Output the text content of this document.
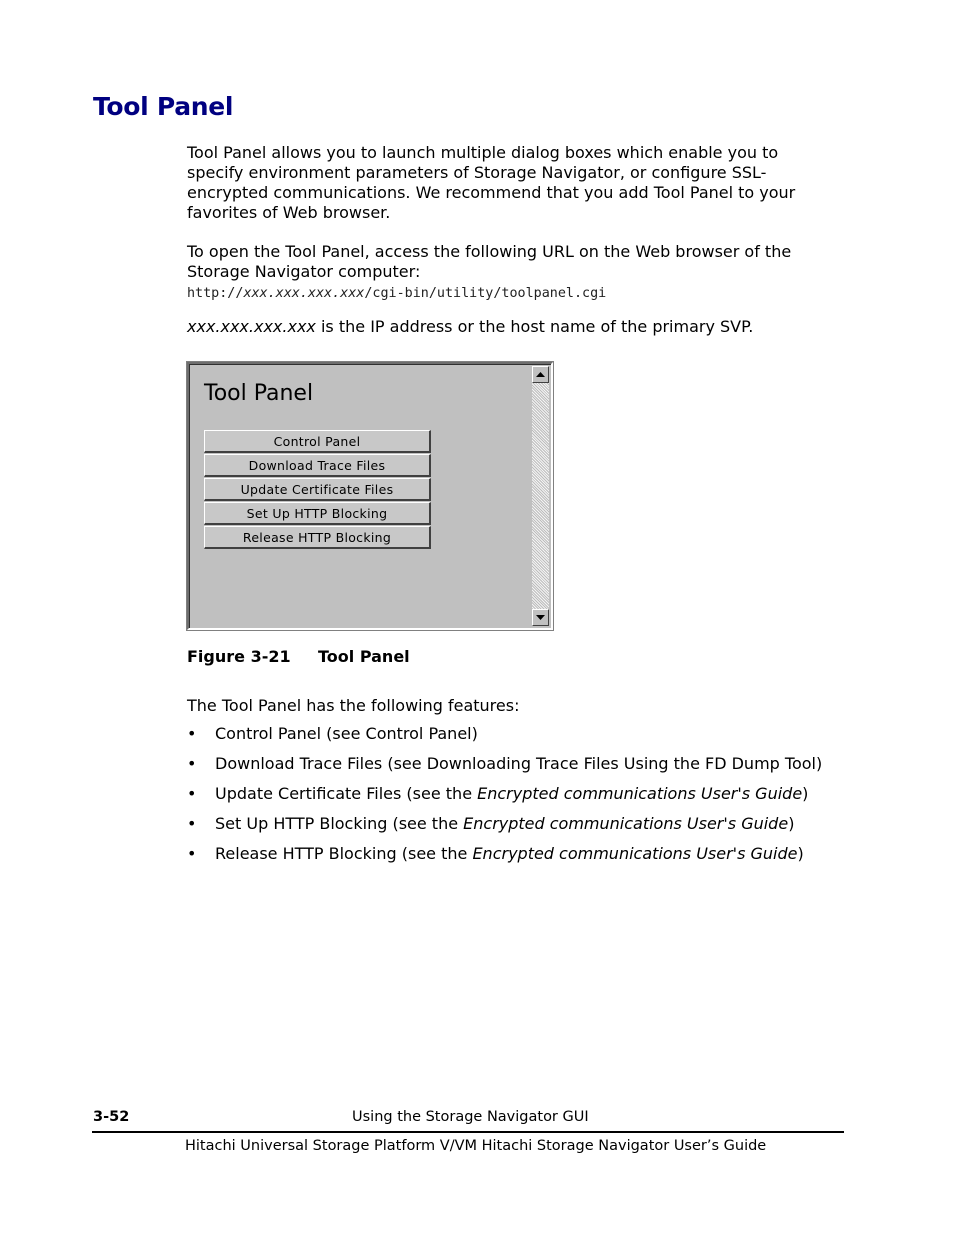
Tool Panel
Tool Panel allows you to launch multiple dialog boxes which enable you to specify environment parameters of Storage Navigator, or configure SSL-encrypted communications. We recommend that you add Tool Panel to your favorites of Web browser.
To open the Tool Panel, access the following URL on the Web browser of the Storage Navigator computer:
http://xxx.xxx.xxx.xxx/cgi-bin/utility/toolpanel.cgi
xxx.xxx.xxx.xxx is the IP address or the host name of the primary SVP.
Tool Panel
Control Panel
Download Trace Files
Update Certificate Files
Set Up HTTP Blocking
Release HTTP Blocking
Figure 3-21 Tool Panel
The Tool Panel has the following features:
• Control Panel (see Control Panel)
• Download Trace Files (see Downloading Trace Files Using the FD Dump Tool)
• Update Certificate Files (see the Encrypted communications User's Guide)
• Set Up HTTP Blocking (see the Encrypted communications User's Guide)
• Release HTTP Blocking (see the Encrypted communications User's Guide)
3-52	Using the Storage Navigator GUI
Hitachi Universal Storage Platform V/VM Hitachi Storage Navigator User’s Guide
